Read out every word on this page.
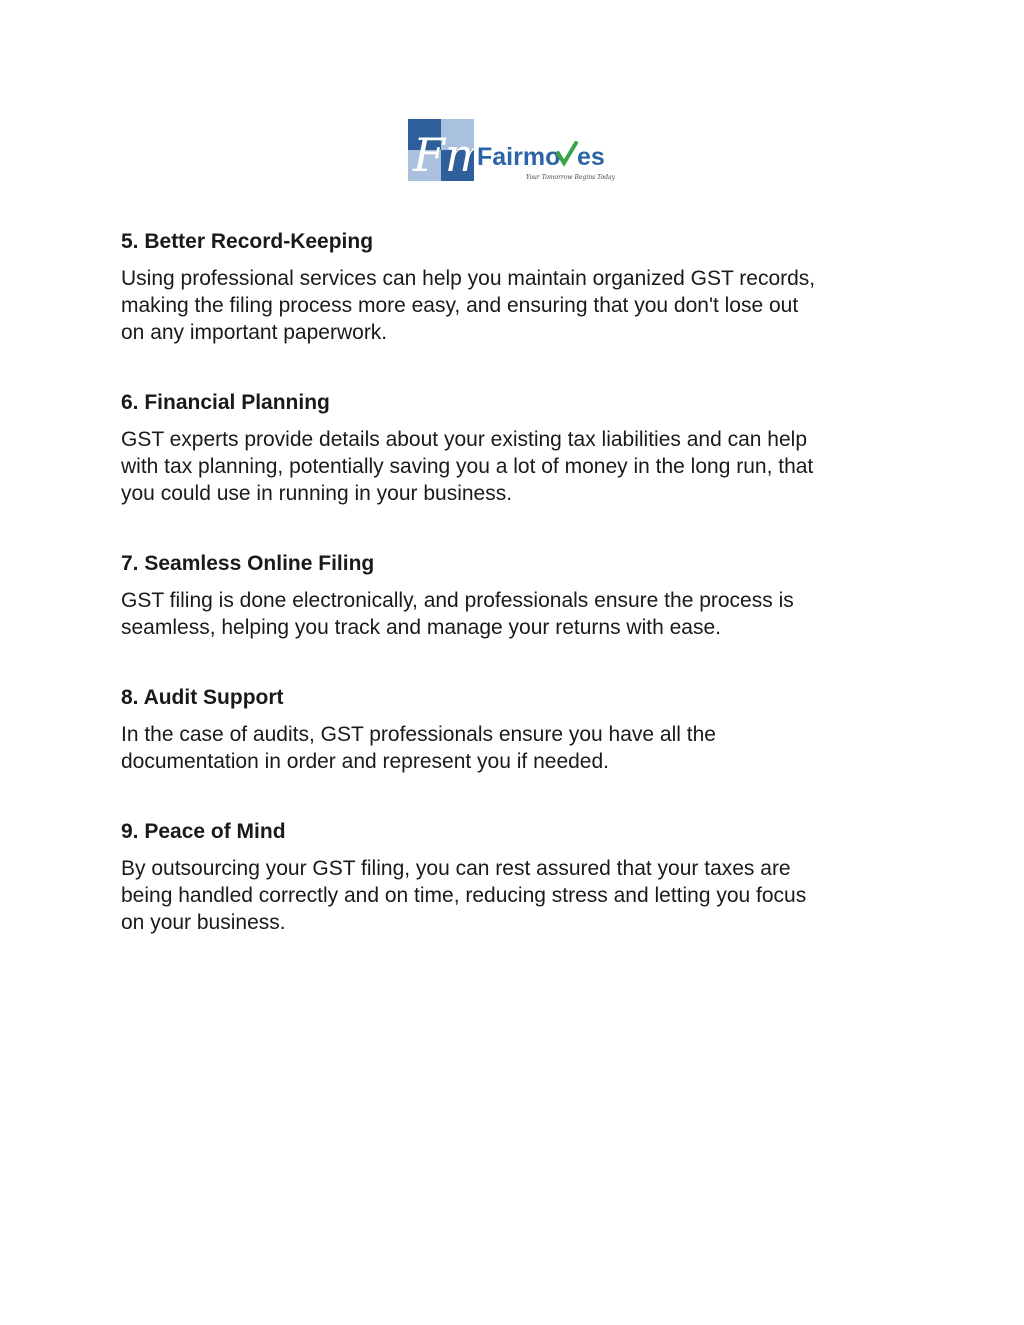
Fm
Fairmo es
Your Tomorrow Begins Today
5. Better Record-Keeping

Using professional services can help you maintain organized GST records,
making the filing process more easy, and ensuring that you don't lose out
on any important paperwork.

6. Financial Planning

GST experts provide details about your existing tax liabilities and can help
with tax planning, potentially saving you a lot of money in the long run, that
you could use in running in your business.

7. Seamless Online Filing

GST filing is done electronically, and professionals ensure the process is
seamless, helping you track and manage your returns with ease.

8. Audit Support

In the case of audits, GST professionals ensure you have all the
documentation in order and represent you if needed.

9. Peace of Mind

By outsourcing your GST filing, you can rest assured that your taxes are
being handled correctly and on time, reducing stress and letting you focus
on your business.
